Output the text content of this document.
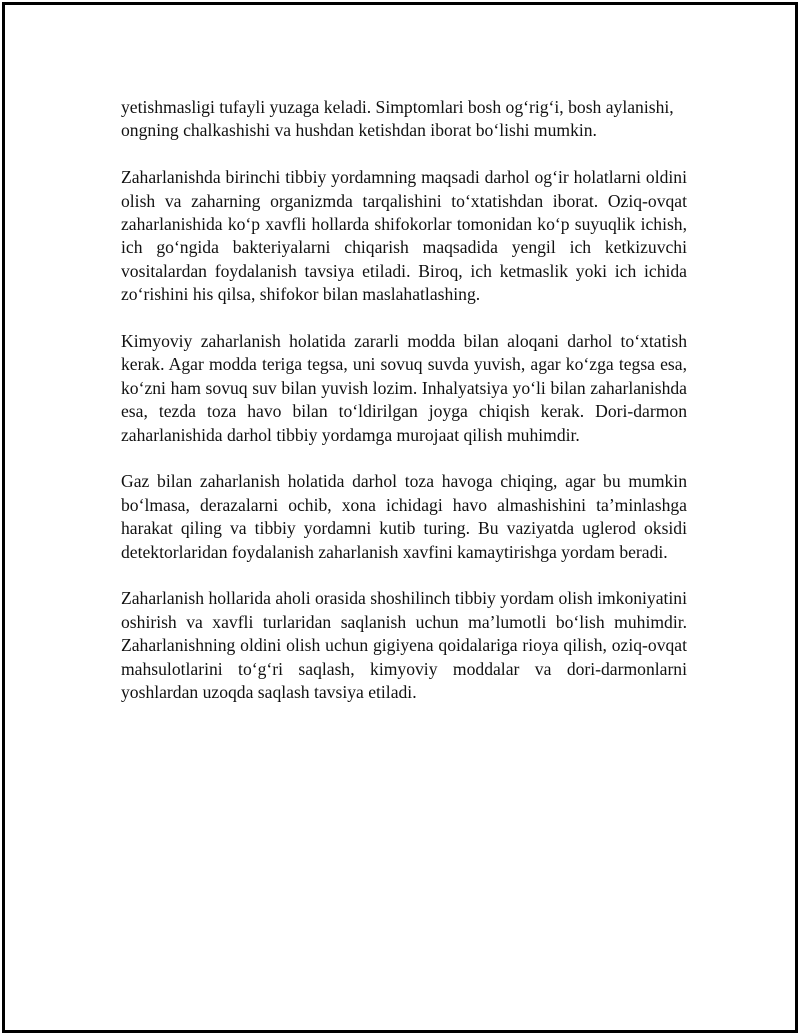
yetishmasligi tufayli yuzaga keladi. Simptomlari bosh og‘rig‘i, bosh aylanishi, ongning chalkashishi va hushdan ketishdan iborat bo‘lishi mumkin.

Zaharlanishda birinchi tibbiy yordamning maqsadi darhol og‘ir holatlarni oldini olish va zaharning organizmda tarqalishini to‘xtatishdan iborat. Oziq-ovqat zaharlanishida ko‘p xavfli hollarda shifokorlar tomonidan ko‘p suyuqlik ichish, ich go‘ngida bakteriyalarni chiqarish maqsadida yengil ich ketkizuvchi vositalardan foydalanish tavsiya etiladi. Biroq, ich ketmaslik yoki ich ichida zo‘rishini his qilsa, shifokor bilan maslahatlashing.

Kimyoviy zaharlanish holatida zararli modda bilan aloqani darhol to‘xtatish kerak. Agar modda teriga tegsa, uni sovuq suvda yuvish, agar ko‘zga tegsa esa, ko‘zni ham sovuq suv bilan yuvish lozim. Inhalyatsiya yo‘li bilan zaharlanishda esa, tezda toza havo bilan to‘ldirilgan joyga chiqish kerak. Dori-darmon zaharlanishida darhol tibbiy yordamga murojaat qilish muhimdir.

Gaz bilan zaharlanish holatida darhol toza havoga chiqing, agar bu mumkin bo‘lmasa, derazalarni ochib, xona ichidagi havo almashishini ta’minlashga harakat qiling va tibbiy yordamni kutib turing. Bu vaziyatda uglerod oksidi detektorlaridan foydalanish zaharlanish xavfini kamaytirishga yordam beradi.

Zaharlanish hollarida aholi orasida shoshilinch tibbiy yordam olish imkoniyatini oshirish va xavfli turlaridan saqlanish uchun ma’lumotli bo‘lish muhimdir. Zaharlanishning oldini olish uchun gigiyena qoidalariga rioya qilish, oziq-ovqat mahsulotlarini to‘g‘ri saqlash, kimyoviy moddalar va dori-darmonlarni yoshlardan uzoqda saqlash tavsiya etiladi.
